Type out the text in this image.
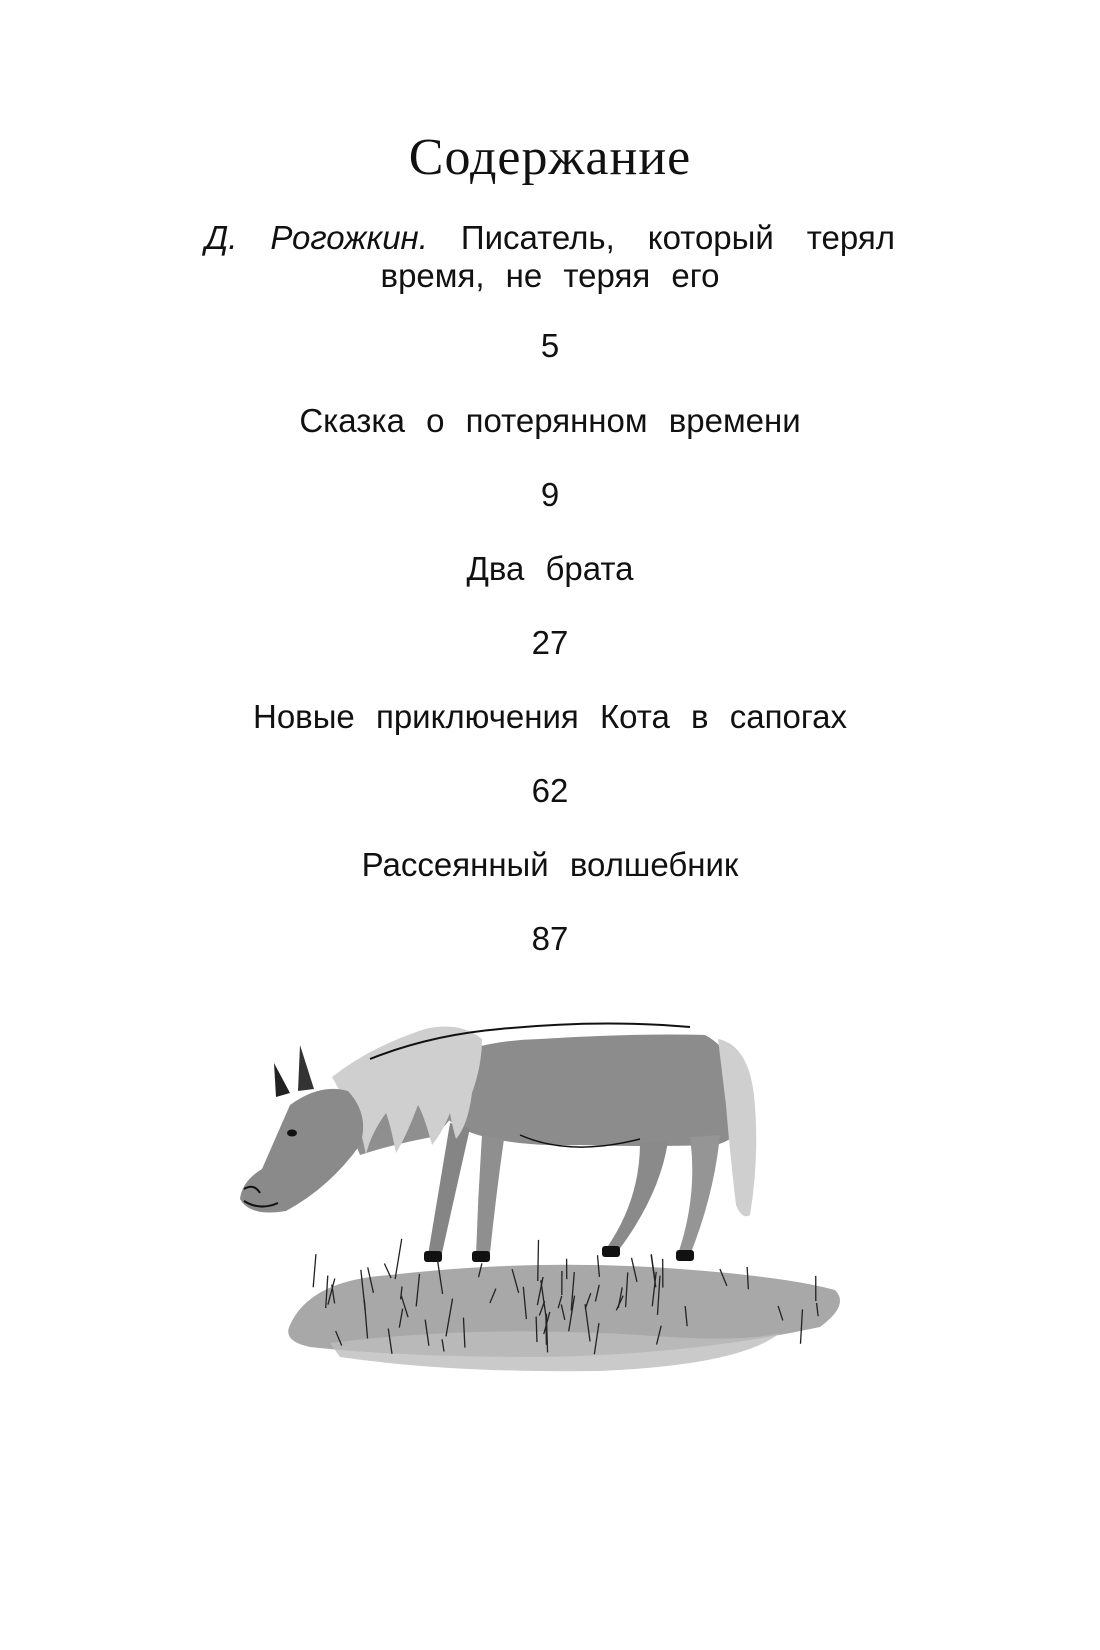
Содержание
Д. Рогожкин. Писатель, который терял
время, не теряя его
5
Сказка о потерянном времени
9
Два брата
27
Новые приключения Кота в сапогах
62
Рассеянный волшебник
87
